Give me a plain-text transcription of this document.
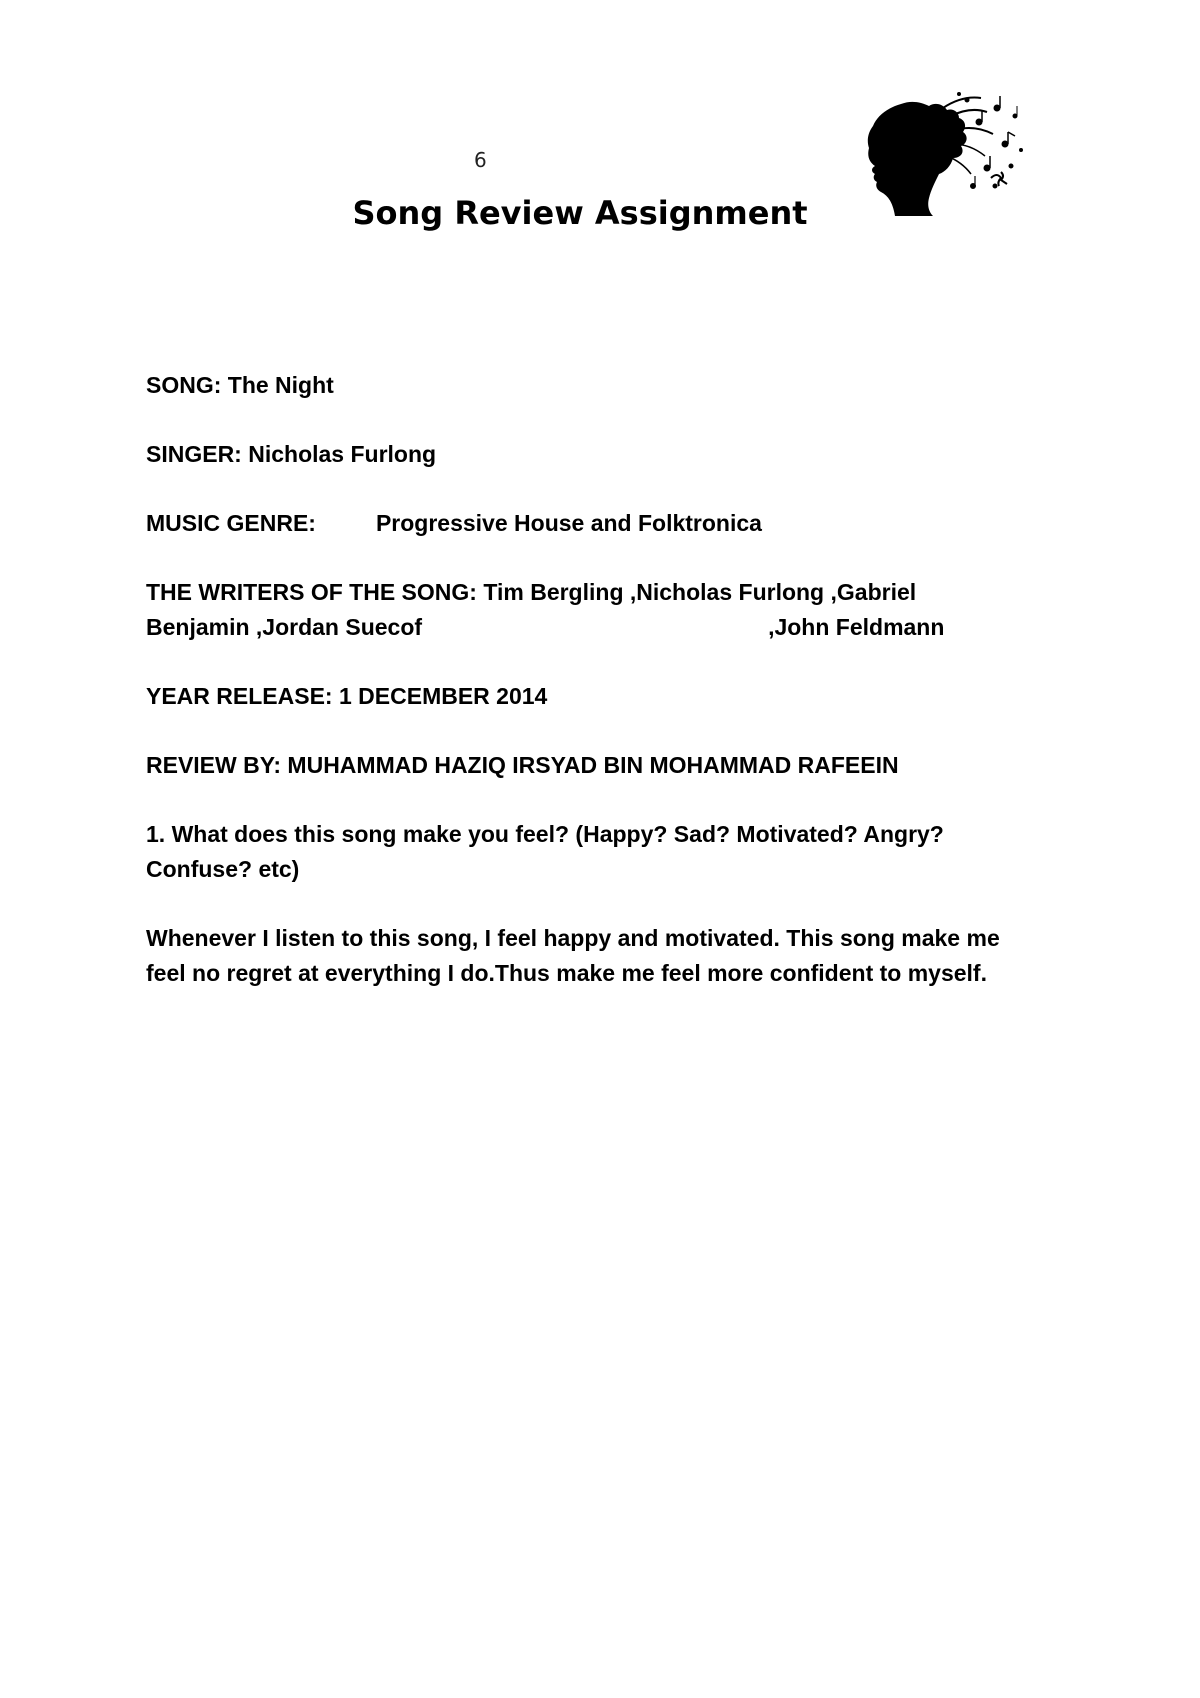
6
Song Review Assignment

SONG: The Night

SINGER: Nicholas Furlong

MUSIC GENRE:	Progressive House and Folktronica

THE WRITERS OF THE SONG: Tim Bergling ,Nicholas Furlong ,Gabriel
Benjamin ,Jordan Suecof	,John Feldmann

YEAR RELEASE: 1 DECEMBER 2014

REVIEW BY: MUHAMMAD HAZIQ IRSYAD BIN MOHAMMAD RAFEEIN

1. What does this song make you feel? (Happy? Sad? Motivated? Angry? Confuse? etc)

Whenever I listen to this song, I feel happy and motivated. This song make me feel no regret at everything I do.Thus make me feel more confident to myself.
